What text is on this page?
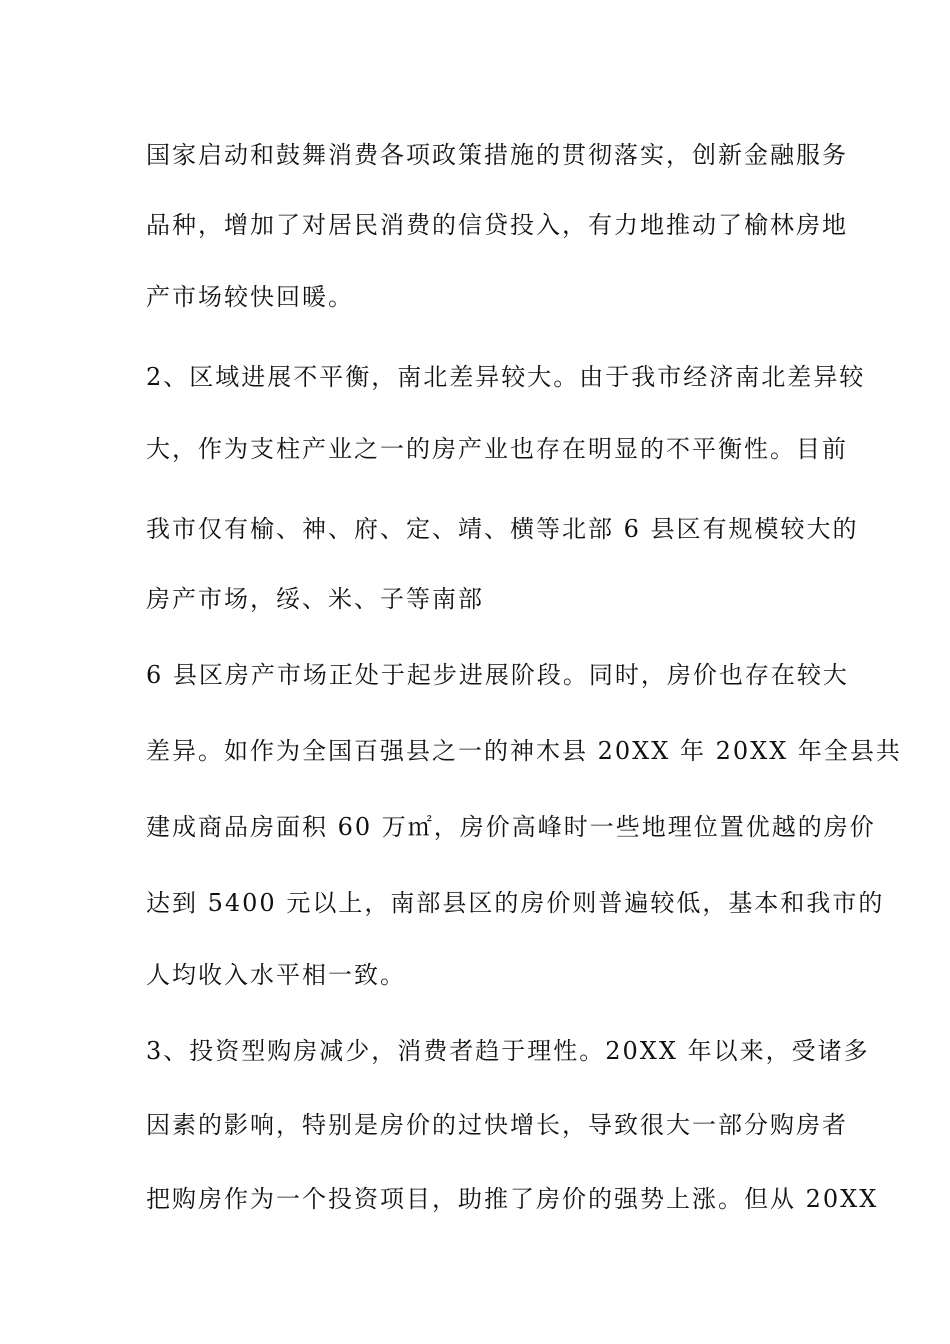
国家启动和鼓舞消费各项政策措施的贯彻落实，创新金融服务
品种，增加了对居民消费的信贷投入，有力地推动了榆林房地
产市场较快回暖。
2、区域进展不平衡，南北差异较大。由于我市经济南北差异较
大，作为支柱产业之一的房产业也存在明显的不平衡性。目前
我市仅有榆、神、府、定、靖、横等北部 6 县区有规模较大的
房产市场，绥、米、子等南部
6 县区房产市场正处于起步进展阶段。同时，房价也存在较大
差异。如作为全国百强县之一的神木县 20XX 年 20XX 年全县共
建成商品房面积 60 万㎡，房价高峰时一些地理位置优越的房价
达到 5400 元以上，南部县区的房价则普遍较低，基本和我市的
人均收入水平相一致。
3、投资型购房减少，消费者趋于理性。20XX 年以来，受诸多
因素的影响，特别是房价的过快增长，导致很大一部分购房者
把购房作为一个投资项目，助推了房价的强势上涨。但从 20XX
